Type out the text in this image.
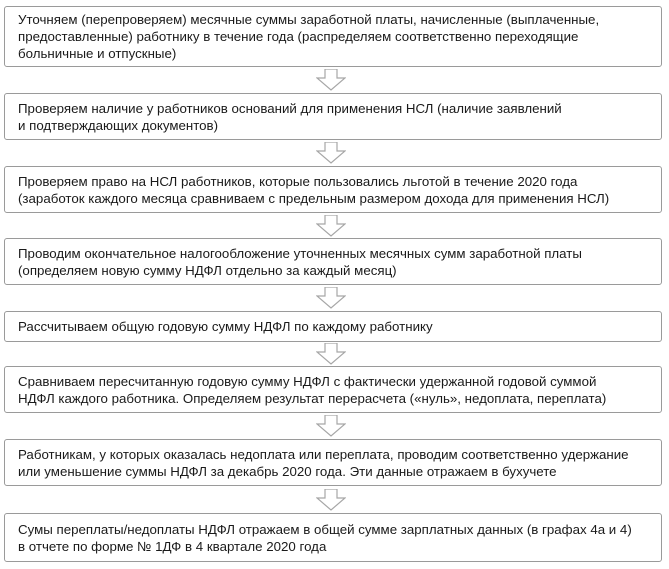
Уточняем (перепроверяем) месячные суммы заработной платы, начисленные (выплаченные,
предоставленные) работнику в течение года (распределяем соответственно переходящие
больничные и отпускные)
Проверяем наличие у работников оснований для применения НСЛ (наличие заявлений
и подтверждающих документов)
Проверяем право на НСЛ работников, которые пользовались льготой в течение 2020 года
(заработок каждого месяца сравниваем с предельным размером дохода для применения НСЛ)
Проводим окончательное налогообложение уточненных месячных сумм заработной платы
(определяем новую сумму НДФЛ отдельно за каждый месяц)
Рассчитываем общую годовую сумму НДФЛ по каждому работнику
Сравниваем пересчитанную годовую сумму НДФЛ с фактически удержанной годовой суммой
НДФЛ каждого работника. Определяем результат перерасчета («нуль», недоплата, переплата)
Работникам, у которых оказалась недоплата или переплата, проводим соответственно удержание
или уменьшение суммы НДФЛ за декабрь 2020 года. Эти данные отражаем в бухучете
Сумы переплаты/недоплаты НДФЛ отражаем в общей сумме зарплатных данных (в графах 4а и 4)
в отчете по форме № 1ДФ в 4 квартале 2020 года
